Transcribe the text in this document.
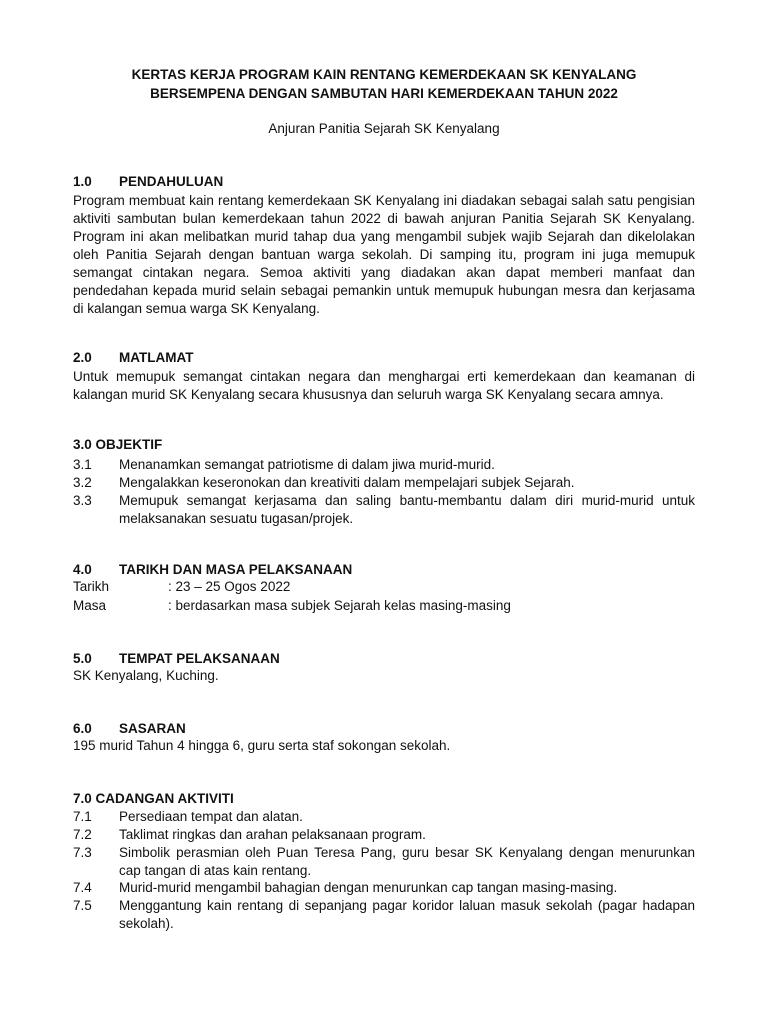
KERTAS KERJA PROGRAM KAIN RENTANG KEMERDEKAAN SK KENYALANG
BERSEMPENA DENGAN SAMBUTAN HARI KEMERDEKAAN TAHUN 2022
Anjuran Panitia Sejarah SK Kenyalang
1.0 PENDAHULUAN

Program membuat kain rentang kemerdekaan SK Kenyalang ini diadakan sebagai salah satu pengisian aktiviti sambutan bulan kemerdekaan tahun 2022 di bawah anjuran Panitia Sejarah SK Kenyalang. Program ini akan melibatkan murid tahap dua yang mengambil subjek wajib Sejarah dan dikelolakan oleh Panitia Sejarah dengan bantuan warga sekolah. Di samping itu, program ini juga memupuk semangat cintakan negara. Semoa aktiviti yang diadakan akan dapat memberi manfaat dan pendedahan kepada murid selain sebagai pemankin untuk memupuk hubungan mesra dan kerjasama di kalangan semua warga SK Kenyalang.

2.0 MATLAMAT

Untuk memupuk semangat cintakan negara dan menghargai erti kemerdekaan dan keamanan di kalangan murid SK Kenyalang secara khususnya dan seluruh warga SK Kenyalang secara amnya.

3.0 OBJEKTIF
3.1 Menanamkan semangat patriotisme di dalam jiwa murid-murid.
3.2 Mengalakkan keseronokan dan kreativiti dalam mempelajari subjek Sejarah.
3.3 Memupuk semangat kerjasama dan saling bantu-membantu dalam diri murid-murid untuk melaksanakan sesuatu tugasan/projek.
4.0 TARIKH DAN MASA PELAKSANAAN
Tarikh	: 23 – 25 Ogos 2022
Masa	: berdasarkan masa subjek Sejarah kelas masing-masing
5.0 TEMPAT PELAKSANAAN
SK Kenyalang, Kuching.
6.0 SASARAN
195 murid Tahun 4 hingga 6, guru serta staf sokongan sekolah.
7.0 CADANGAN AKTIVITI
7.1 Persediaan tempat dan alatan.
7.2 Taklimat ringkas dan arahan pelaksanaan program.
7.3 Simbolik perasmian oleh Puan Teresa Pang, guru besar SK Kenyalang dengan menurunkan cap tangan di atas kain rentang.
7.4 Murid-murid mengambil bahagian dengan menurunkan cap tangan masing-masing.
7.5 Menggantung kain rentang di sepanjang pagar koridor laluan masuk sekolah (pagar hadapan sekolah).
